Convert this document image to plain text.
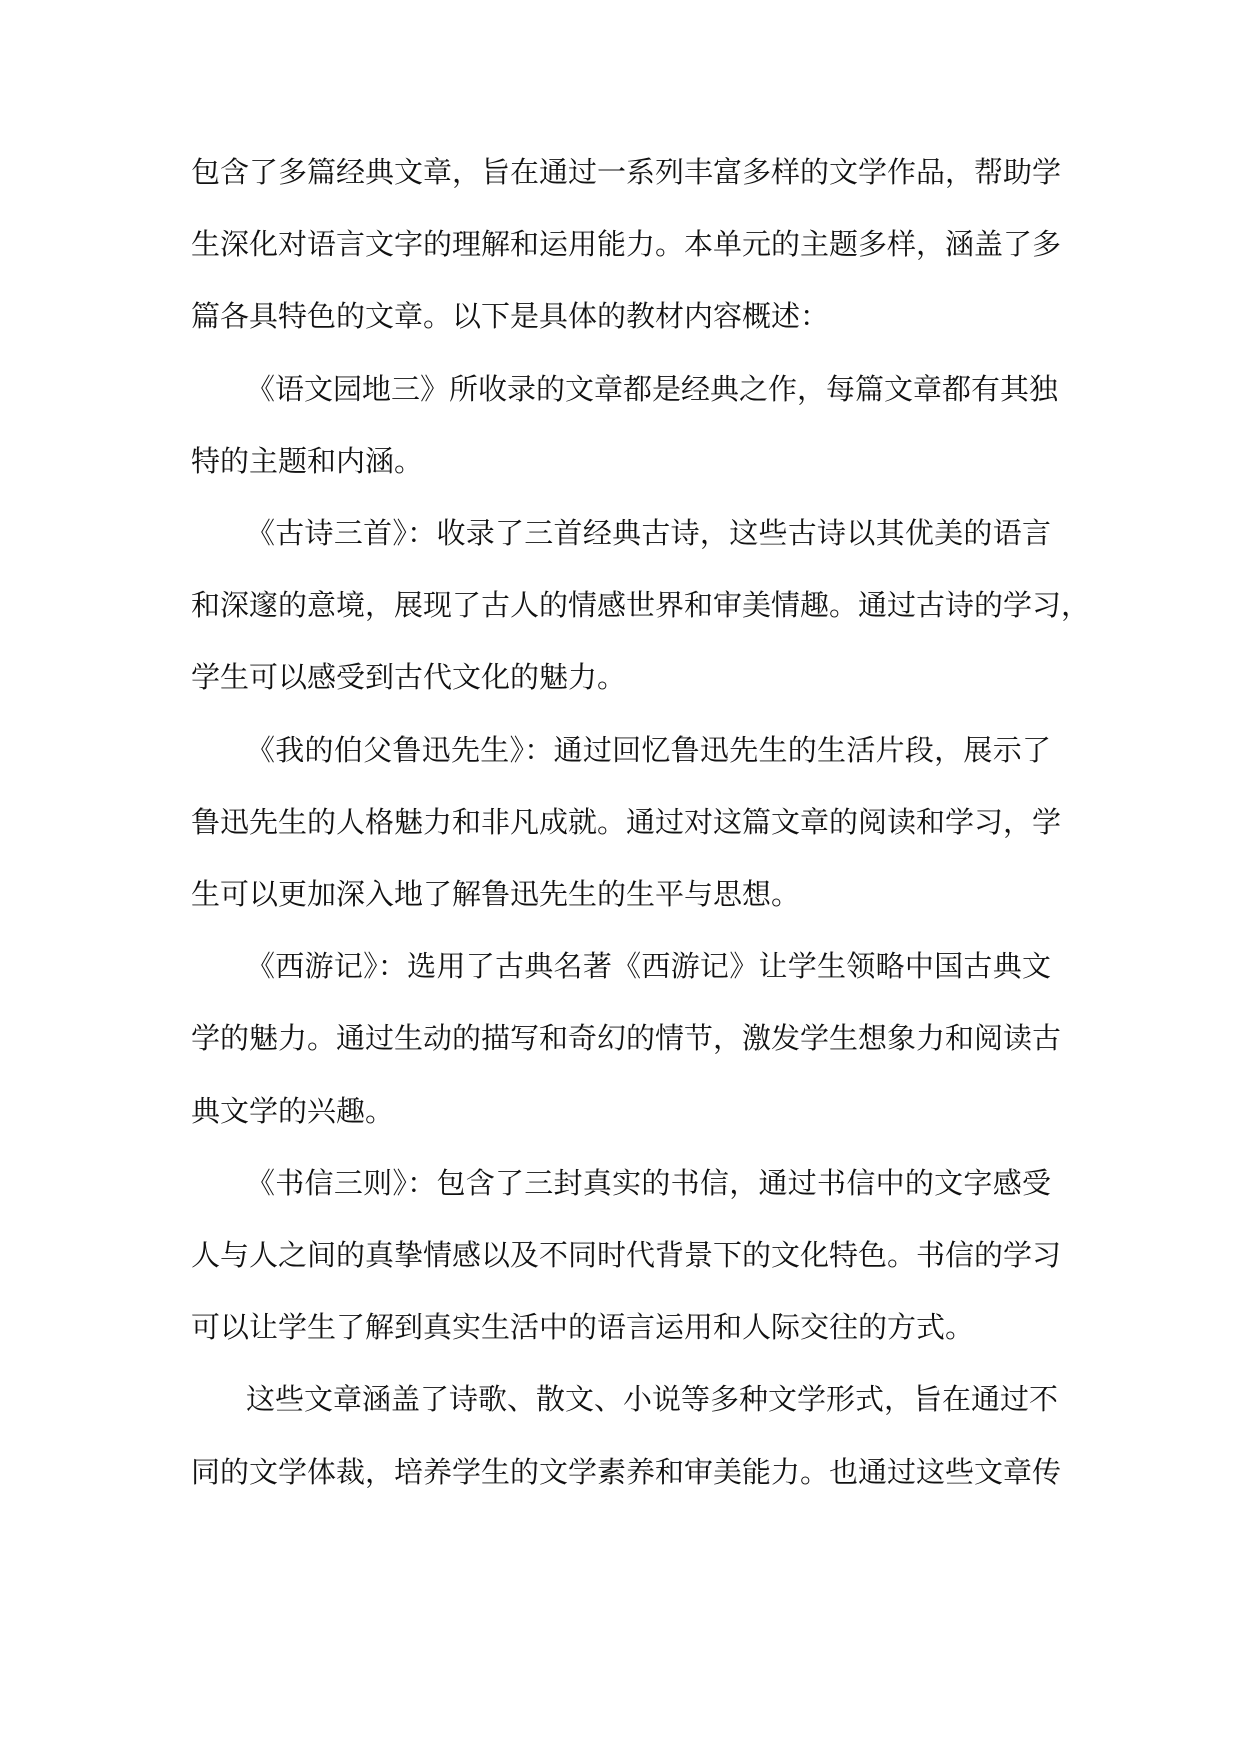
包含了多篇经典文章，旨在通过一系列丰富多样的文学作品，帮助学
生深化对语言文字的理解和运用能力。本单元的主题多样，涵盖了多
篇各具特色的文章。以下是具体的教材内容概述：
《语文园地三》所收录的文章都是经典之作，每篇文章都有其独
特的主题和内涵。
《古诗三首》：收录了三首经典古诗，这些古诗以其优美的语言
和深邃的意境，展现了古人的情感世界和审美情趣。通过古诗的学习，
学生可以感受到古代文化的魅力。
《我的伯父鲁迅先生》：通过回忆鲁迅先生的生活片段，展示了
鲁迅先生的人格魅力和非凡成就。通过对这篇文章的阅读和学习，学
生可以更加深入地了解鲁迅先生的生平与思想。
《西游记》：选用了古典名著《西游记》让学生领略中国古典文
学的魅力。通过生动的描写和奇幻的情节，激发学生想象力和阅读古
典文学的兴趣。
《书信三则》：包含了三封真实的书信，通过书信中的文字感受
人与人之间的真挚情感以及不同时代背景下的文化特色。书信的学习
可以让学生了解到真实生活中的语言运用和人际交往的方式。
这些文章涵盖了诗歌、散文、小说等多种文学形式，旨在通过不
同的文学体裁，培养学生的文学素养和审美能力。也通过这些文章传
